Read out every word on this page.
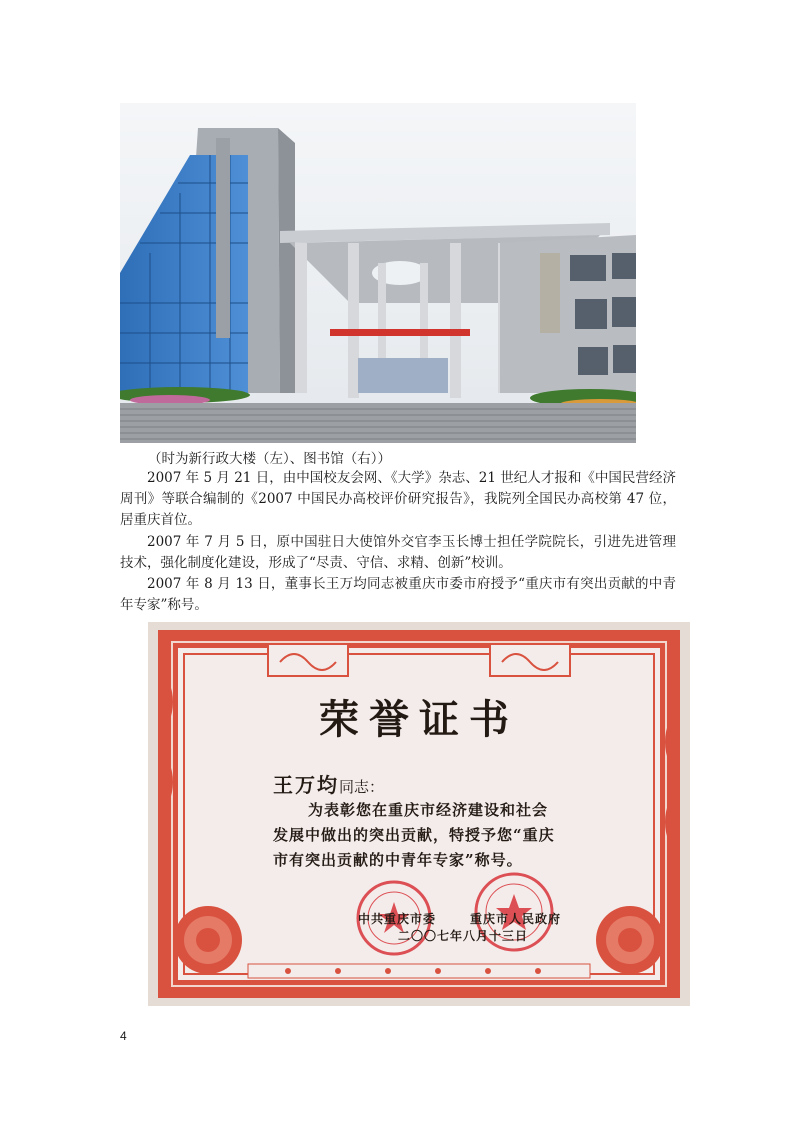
（时为新行政大楼（左）、图书馆（右））

2007 年 5 月 21 日，由中国校友会网、《大学》杂志、21 世纪人才报和《中国民营经济周刊》等联合编制的《2007 中国民办高校评价研究报告》，我院列全国民办高校第 47 位，居重庆首位。

2007 年 7 月 5 日，原中国驻日大使馆外交官李玉长博士担任学院院长，引进先进管理技术，强化制度化建设，形成了“尽责、守信、求精、创新”校训。

2007 年 8 月 13 日，董事长王万均同志被重庆市委市府授予“重庆市有突出贡献的中青年专家”称号。

荣誉证书
王万均同志：
为表彰您在重庆市经济建设和社会
发展中做出的突出贡献，特授予您“重庆
市有突出贡献的中青年专家”称号。
中共重庆市委	重庆市人民政府
二〇〇七年八月十三日
4
